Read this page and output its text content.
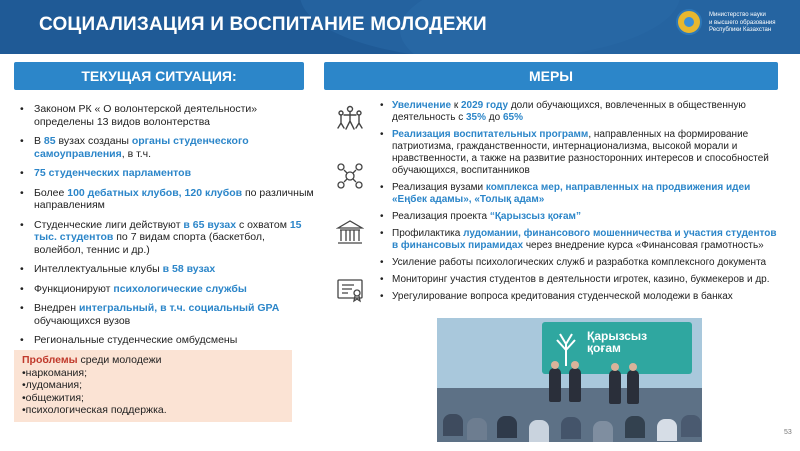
СОЦИАЛИЗАЦИЯ И ВОСПИТАНИЕ МОЛОДЕЖИ	Министерство науки
и высшего образования
Республики Казахстан
ТЕКУЩАЯ СИТУАЦИЯ:	МЕРЫ
• Законом РК « О волонтерской деятельности» определены 13 видов волонтерства
• В 85 вузах созданы органы студенческого самоуправления, в т.ч.
• 75 студенческих парламентов
• Более 100 дебатных клубов, 120 клубов по различным направлениям
• Студенческие лиги действуют в 65 вузах с охватом 15 тыс. студентов по 7 видам спорта (баскетбол, волейбол, теннис и др.)
• Интеллектуальные клубы в 58 вузах
• Функционируют психологические службы
• Внедрен интегральный, в т.ч. социальный GPA обучающихся вузов
• Региональные студенческие омбудсмены
Проблемы среди молодежи
•наркомания;
•лудомания;
•общежития;
•психологическая поддержка.
• Увеличение к 2029 году доли обучающихся, вовлеченных в общественную деятельность с 35% до 65%
• Реализация воспитательных программ, направленных на формирование патриотизма, гражданственности, интернационализма, высокой морали и нравственности, а также на развитие разносторонних интересов и способностей обучающихся, воспитанников
• Реализация вузами комплекса мер, направленных на продвижения идеи «Еңбек адамы», «Толық адам»
• Реализация проекта “Қарызсыз қоғам”
• Профилактика лудомании, финансового мошенничества и участия студентов в финансовых пирамидах через внедрение курса «Финансовая грамотность»
• Усиление работы психологических служб и разработка комплексного документа
• Мониторинг участия студентов в деятельности игротек, казино, букмекеров и др.
• Урегулирование вопроса кредитования студенческой молодежи в банках
Қарызсыз
қоғам
53
